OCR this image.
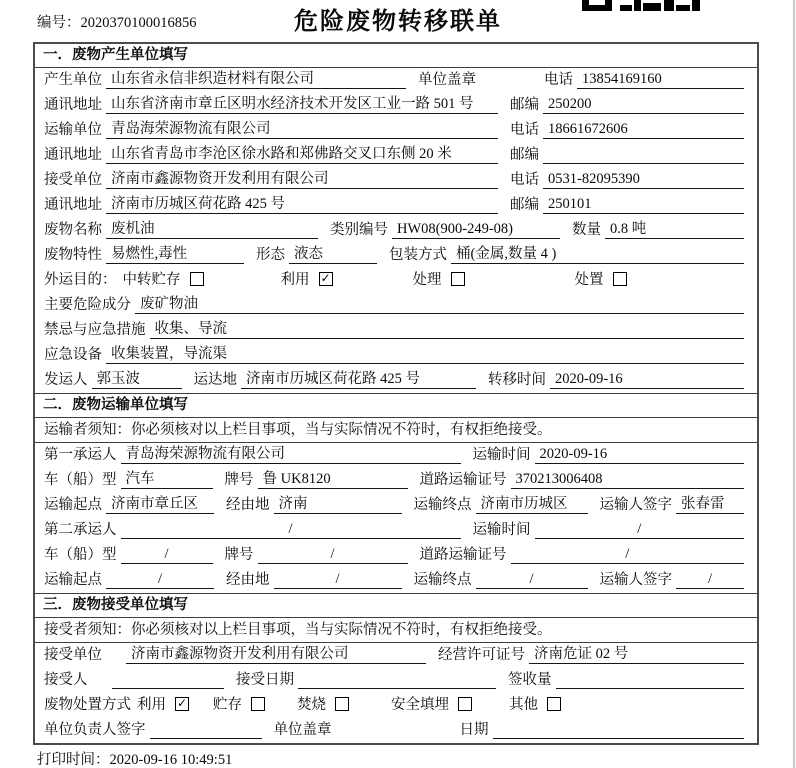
编号：2020370100016856	危险废物转移联单
一．废物产生单位填写
产生单位 山东省永信非织造材料有限公司	单位盖章	电话 13854169160
通讯地址 山东省济南市章丘区明水经济技术开发区工业一路 501 号	邮编 250200
运输单位 青岛海荣源物流有限公司	电话 18661672606
通讯地址 山东省青岛市李沧区徐水路和郑佛路交叉口东侧 20 米	邮编
接受单位 济南市鑫源物资开发利用有限公司	电话 0531-82095390
通讯地址 济南市历城区荷花路 425 号	邮编 250101
废物名称 废机油	类别编号 HW08(900-249-08)	数量 0.8 吨
废物特性 易燃性,毒性	形态 液态	包装方式 桶(金属,数量 4 )
外运目的： 中转贮存	利用 ✓	处理	处置
主要危险成分 废矿物油
禁忌与应急措施 收集、导流
应急设备 收集装置，导流渠
发运人 郭玉波	运达地 济南市历城区荷花路 425 号	转移时间 2020-09-16
二．废物运输单位填写
运输者须知：你必须核对以上栏目事项，当与实际情况不符时，有权拒绝接受。
第一承运人 青岛海荣源物流有限公司	运输时间 2020-09-16
车（船）型 汽车	牌号 鲁 UK8120	道路运输证号 370213006408
运输起点 济南市章丘区	经由地 济南	运输终点 济南市历城区	运输人签字 张春雷
第二承运人	/	运输时间	/
车（船）型	/	牌号	/	道路运输证号	/
运输起点	/	经由地	/	运输终点	/	运输人签字	/
三．废物接受单位填写
接受者须知：你必须核对以上栏目事项，当与实际情况不符时，有权拒绝接受。
接受单位	济南市鑫源物资开发利用有限公司	经营许可证号 济南危证 02 号
接受人	接受日期	签收量
废物处置方式 利用 ✓ 贮存	焚烧	安全填埋	其他
单位负责人签字	单位盖章	日期
打印时间：2020-09-16 10:49:51
